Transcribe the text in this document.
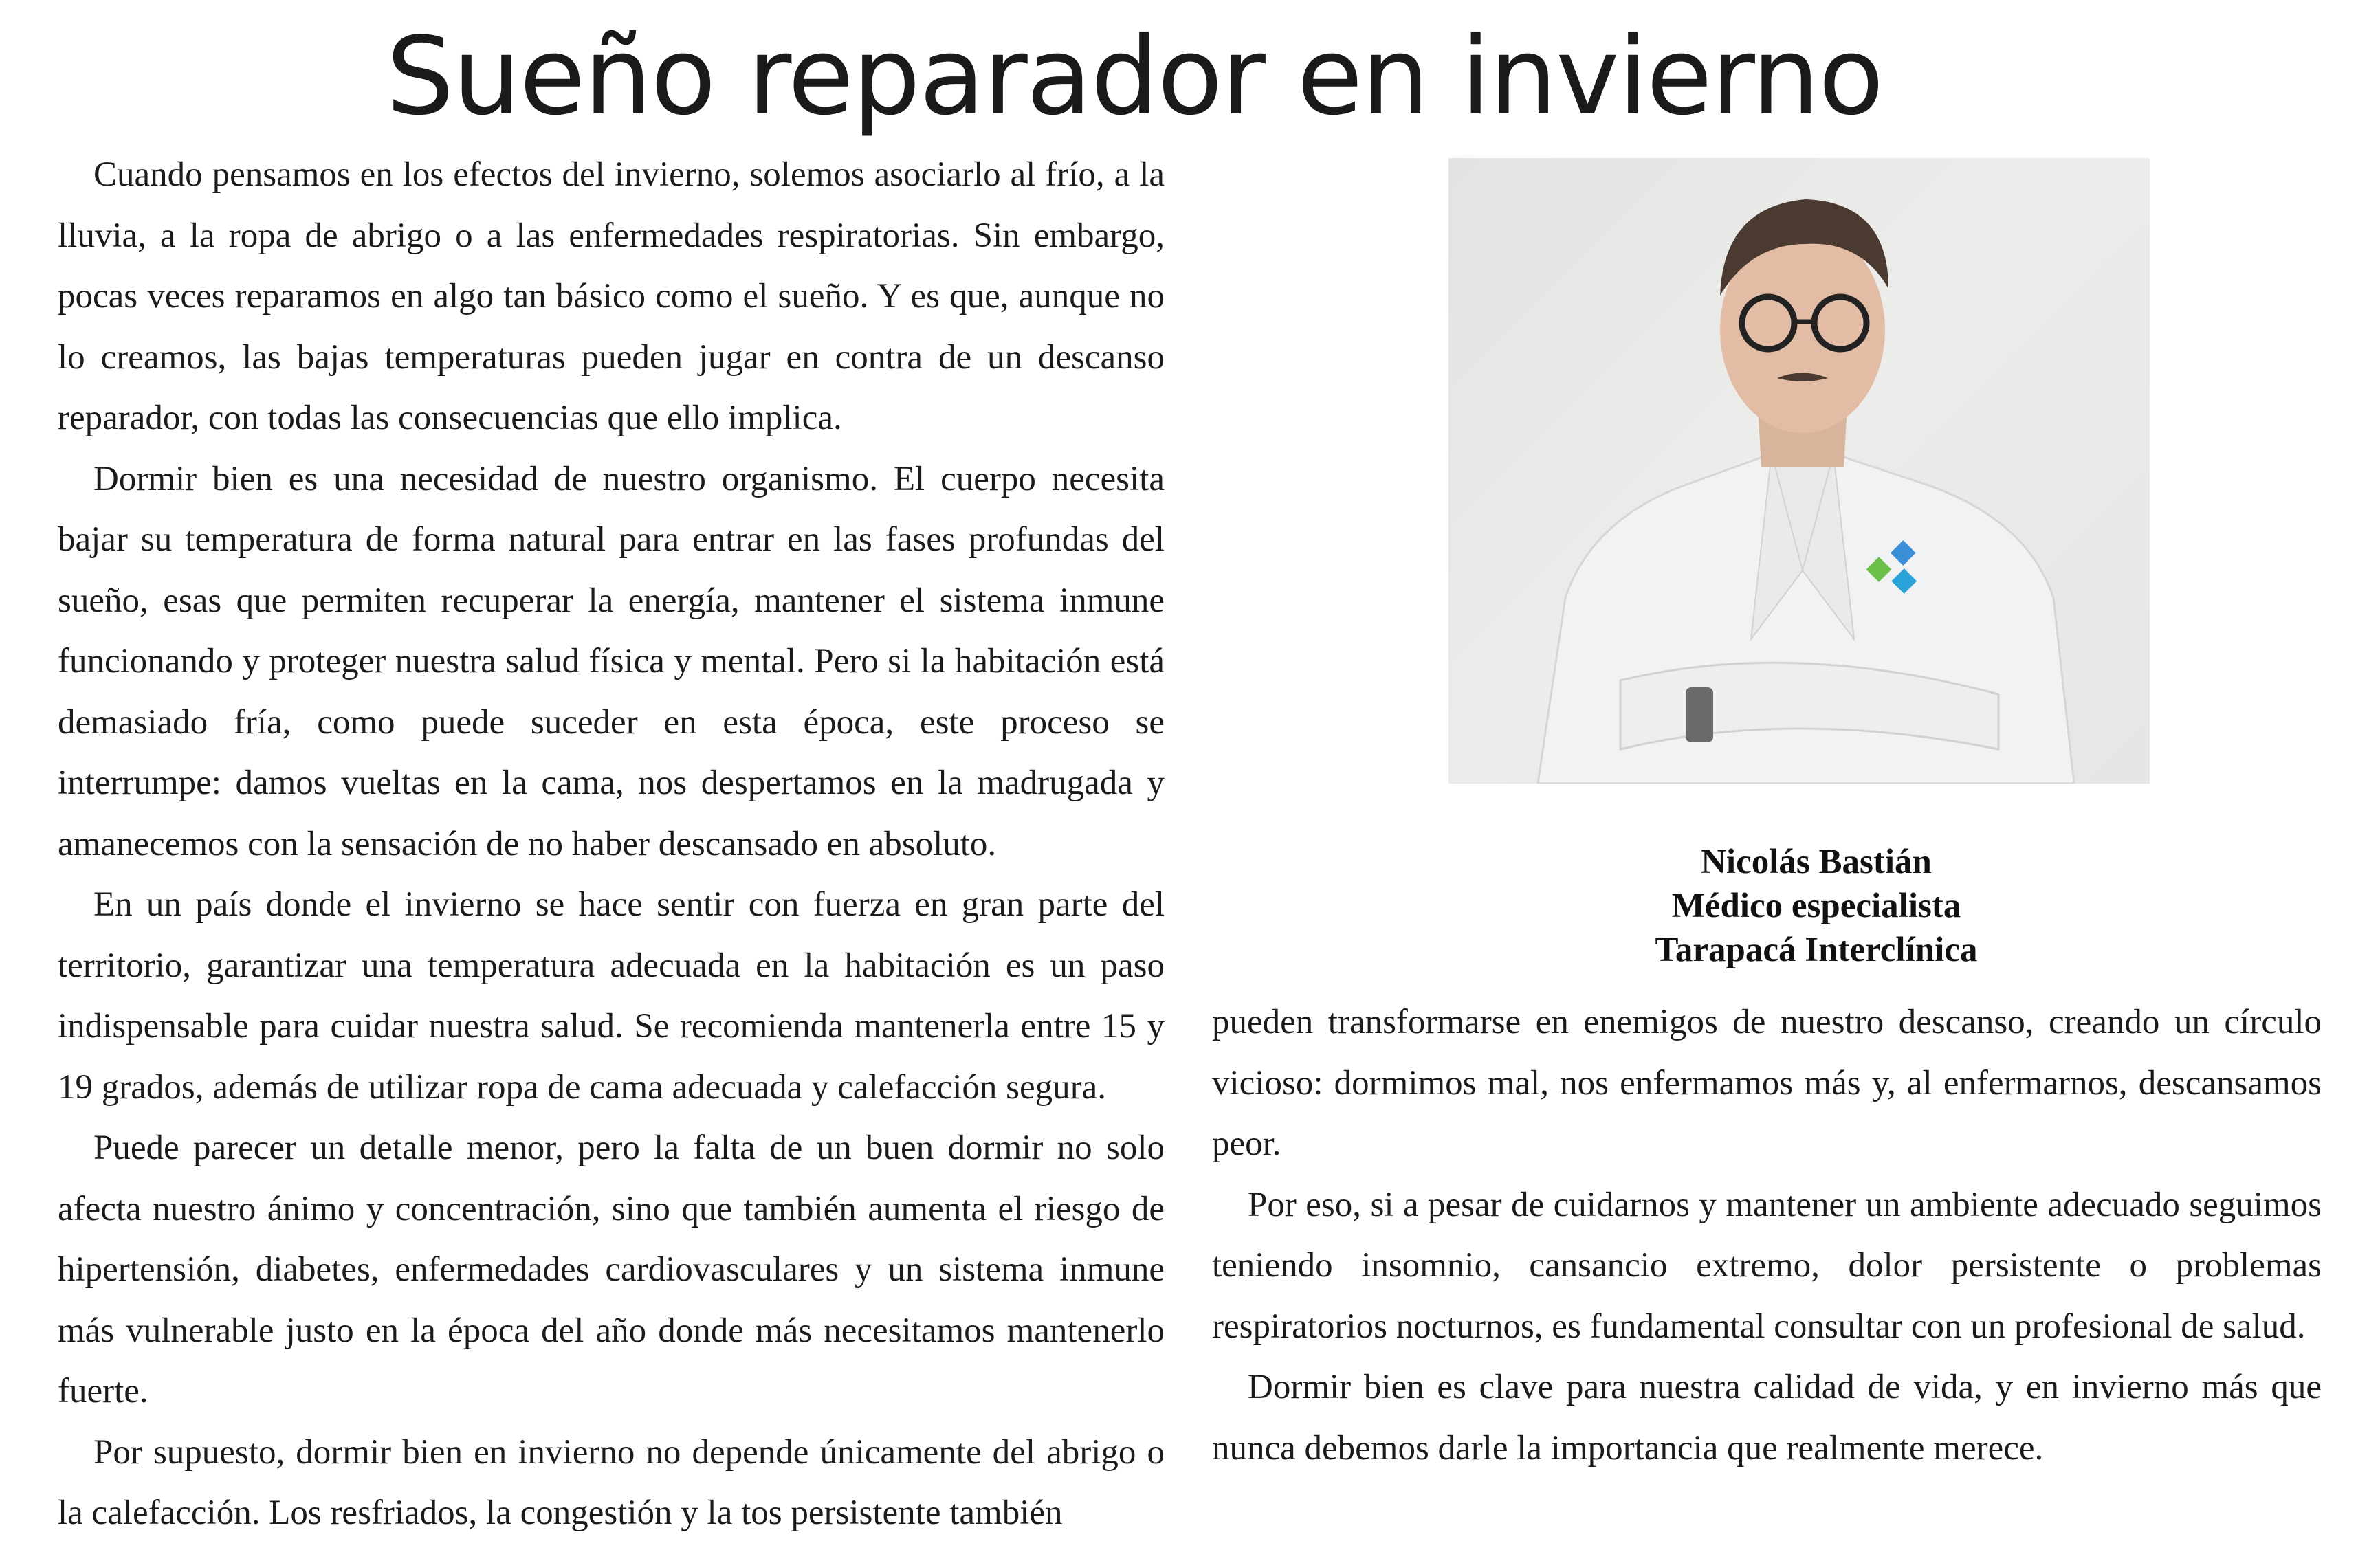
Sueño reparador en invierno

Cuando pensamos en los efectos del invierno, solemos asociarlo al frío, a la lluvia, a la ropa de abrigo o a las enfermedades respiratorias. Sin embargo, pocas veces reparamos en algo tan básico como el sueño. Y es que, aunque no lo creamos, las bajas temperaturas pueden jugar en contra de un descanso reparador, con todas las consecuencias que ello implica.

Dormir bien es una necesidad de nuestro organismo. El cuerpo necesita bajar su temperatura de forma natural para entrar en las fases profundas del sueño, esas que permiten recuperar la energía, mantener el sistema inmune funcionando y proteger nuestra salud física y mental. Pero si la habitación está demasiado fría, como puede suceder en esta época, este proceso se interrumpe: damos vueltas en la cama, nos despertamos en la madrugada y amanecemos con la sensación de no haber descansado en absoluto.

En un país donde el invierno se hace sentir con fuerza en gran parte del territorio, garantizar una temperatura adecuada en la habitación es un paso indispensable para cuidar nuestra salud. Se recomienda mantenerla entre 15 y 19 grados, además de utilizar ropa de cama adecuada y calefacción segura.

Puede parecer un detalle menor, pero la falta de un buen dormir no solo afecta nuestro ánimo y concentración, sino que también aumenta el riesgo de hipertensión, diabetes, enfermedades cardiovasculares y un sistema inmune más vulnerable justo en la época del año donde más necesitamos mantenerlo fuerte.

Por supuesto, dormir bien en invierno no depende únicamente del abrigo o la calefacción. Los resfriados, la congestión y la tos persistente también

Nicolás Bastián
Médico especialista
Tarapacá Interclínica

pueden transformarse en enemigos de nuestro descanso, creando un círculo vicioso: dormimos mal, nos enfermamos más y, al enfermarnos, descansamos peor.

Por eso, si a pesar de cuidarnos y mantener un ambiente adecuado seguimos teniendo insomnio, cansancio extremo, dolor persistente o problemas respiratorios nocturnos, es fundamental consultar con un profesional de salud.

Dormir bien es clave para nuestra calidad de vida, y en invierno más que nunca debemos darle la importancia que realmente merece.
